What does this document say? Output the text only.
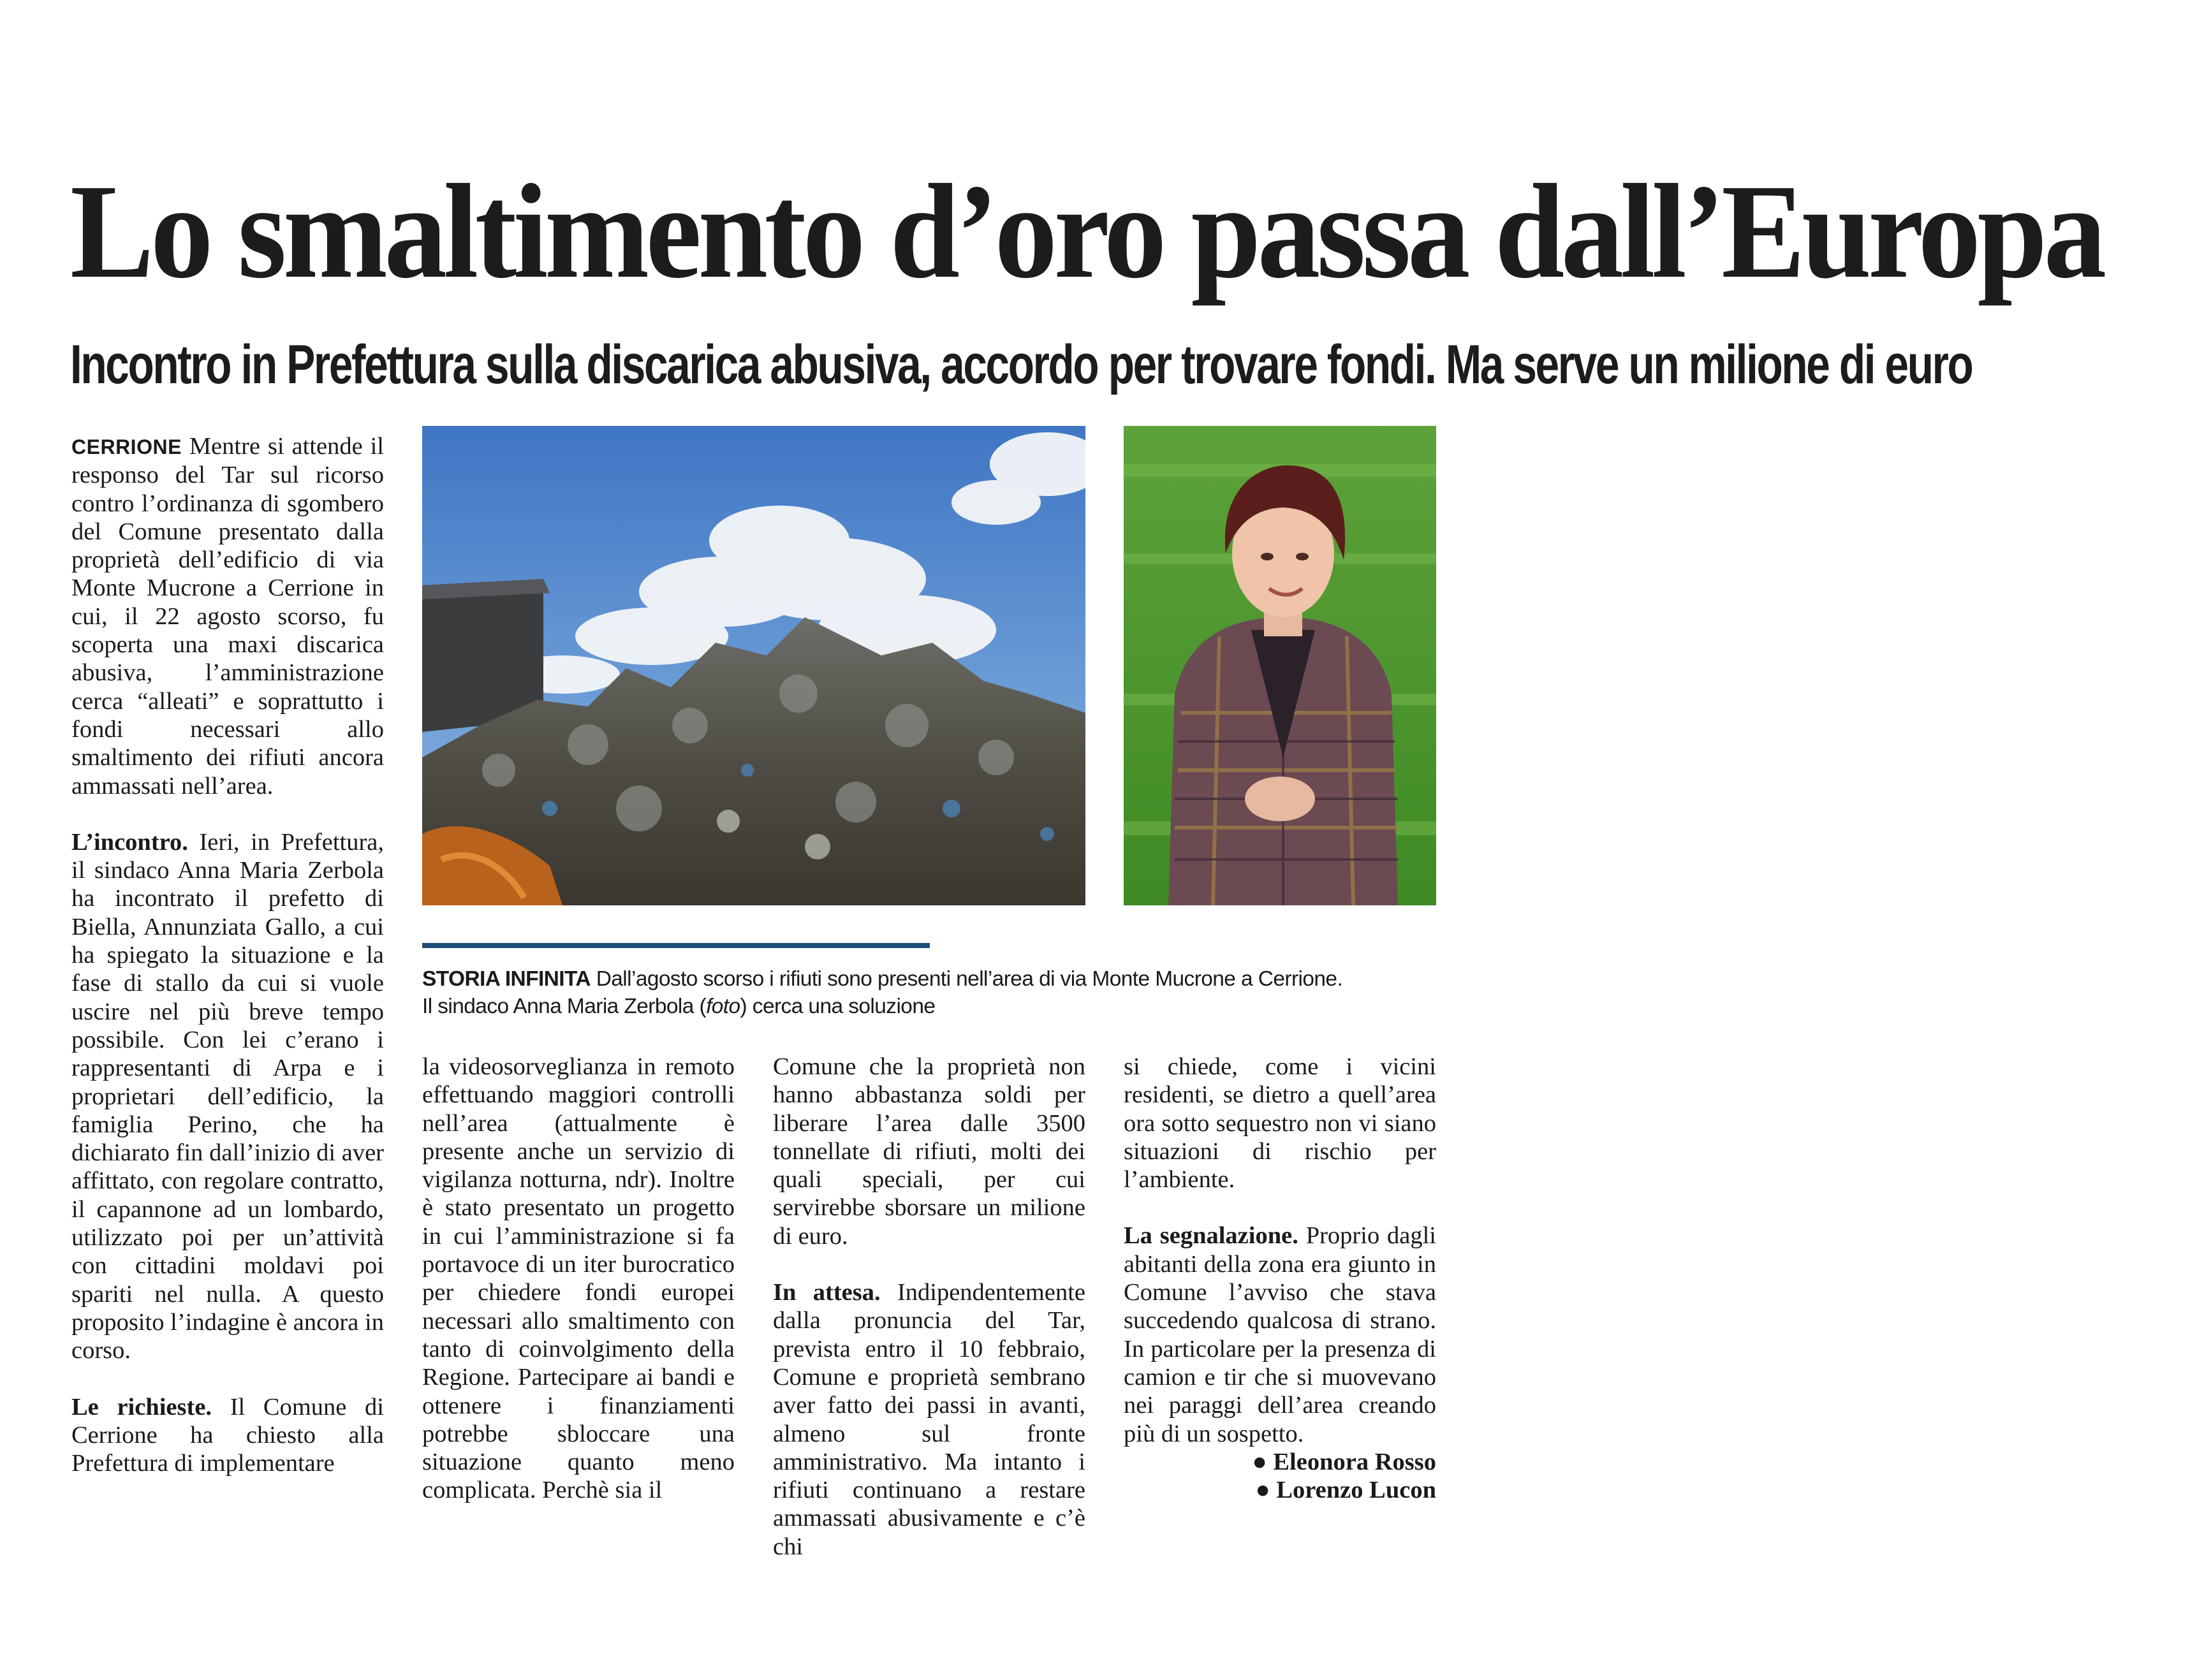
Lo smaltimento d’oro passa dall’Europa
Incontro in Prefettura sulla discarica abusiva, accordo per trovare fondi. Ma serve un milione di euro

CERRIONE Mentre si attende il responso del Tar sul ricorso contro l’ordinanza di sgombero del Comune presentato dalla proprietà dell’edificio di via Monte Mucrone a Cerrione in cui, il 22 agosto scorso, fu scoperta una maxi discarica abusiva, l’amministrazione cerca “alleati” e soprattutto i fondi necessari allo smaltimento dei rifiuti ancora ammassati nell’area.

L’incontro. Ieri, in Prefettura, il sindaco Anna Maria Zerbola ha incontrato il prefetto di Biella, Annunziata Gallo, a cui ha spiegato la situazione e la fase di stallo da cui si vuole uscire nel più breve tempo possibile. Con lei c’erano i rappresentanti di Arpa e i proprietari dell’edificio, la famiglia Perino, che ha dichiarato fin dall’inizio di aver affittato, con regolare contratto, il capannone ad un lombardo, utilizzato poi per un’attività con cittadini moldavi poi spariti nel nulla. A questo proposito l’indagine è ancora in corso.

Le richieste. Il Comune di Cerrione ha chiesto alla Prefettura di implementare

STORIA INFINITA Dall’agosto scorso i rifiuti sono presenti nell’area di via Monte Mucrone a Cerrione.
Il sindaco Anna Maria Zerbola (foto) cerca una soluzione

la videosorveglianza in remoto effettuando maggiori controlli nell’area (attualmente è presente anche un servizio di vigilanza notturna, ndr). Inoltre è stato presentato un progetto in cui l’amministrazione si fa portavoce di un iter burocratico per chiedere fondi europei necessari allo smaltimento con tanto di coinvolgimento della Regione. Partecipare ai bandi e ottenere i finanziamenti potrebbe sbloccare una situazione quanto meno complicata. Perchè sia il

Comune che la proprietà non hanno abbastanza soldi per liberare l’area dalle 3500 tonnellate di rifiuti, molti dei quali speciali, per cui servirebbe sborsare un milione di euro.

In attesa. Indipendentemente dalla pronuncia del Tar, prevista entro il 10 febbraio, Comune e proprietà sembrano aver fatto dei passi in avanti, almeno sul fronte amministrativo. Ma intanto i rifiuti continuano a restare ammassati abusivamente e c’è chi

si chiede, come i vicini residenti, se dietro a quell’area ora sotto sequestro non vi siano situazioni di rischio per l’ambiente.

La segnalazione. Proprio dagli abitanti della zona era giunto in Comune l’avviso che stava succedendo qualcosa di strano. In particolare per la presenza di camion e tir che si muovevano nei paraggi dell’area creando più di un sospetto.

● Eleonora Rosso
● Lorenzo Lucon
